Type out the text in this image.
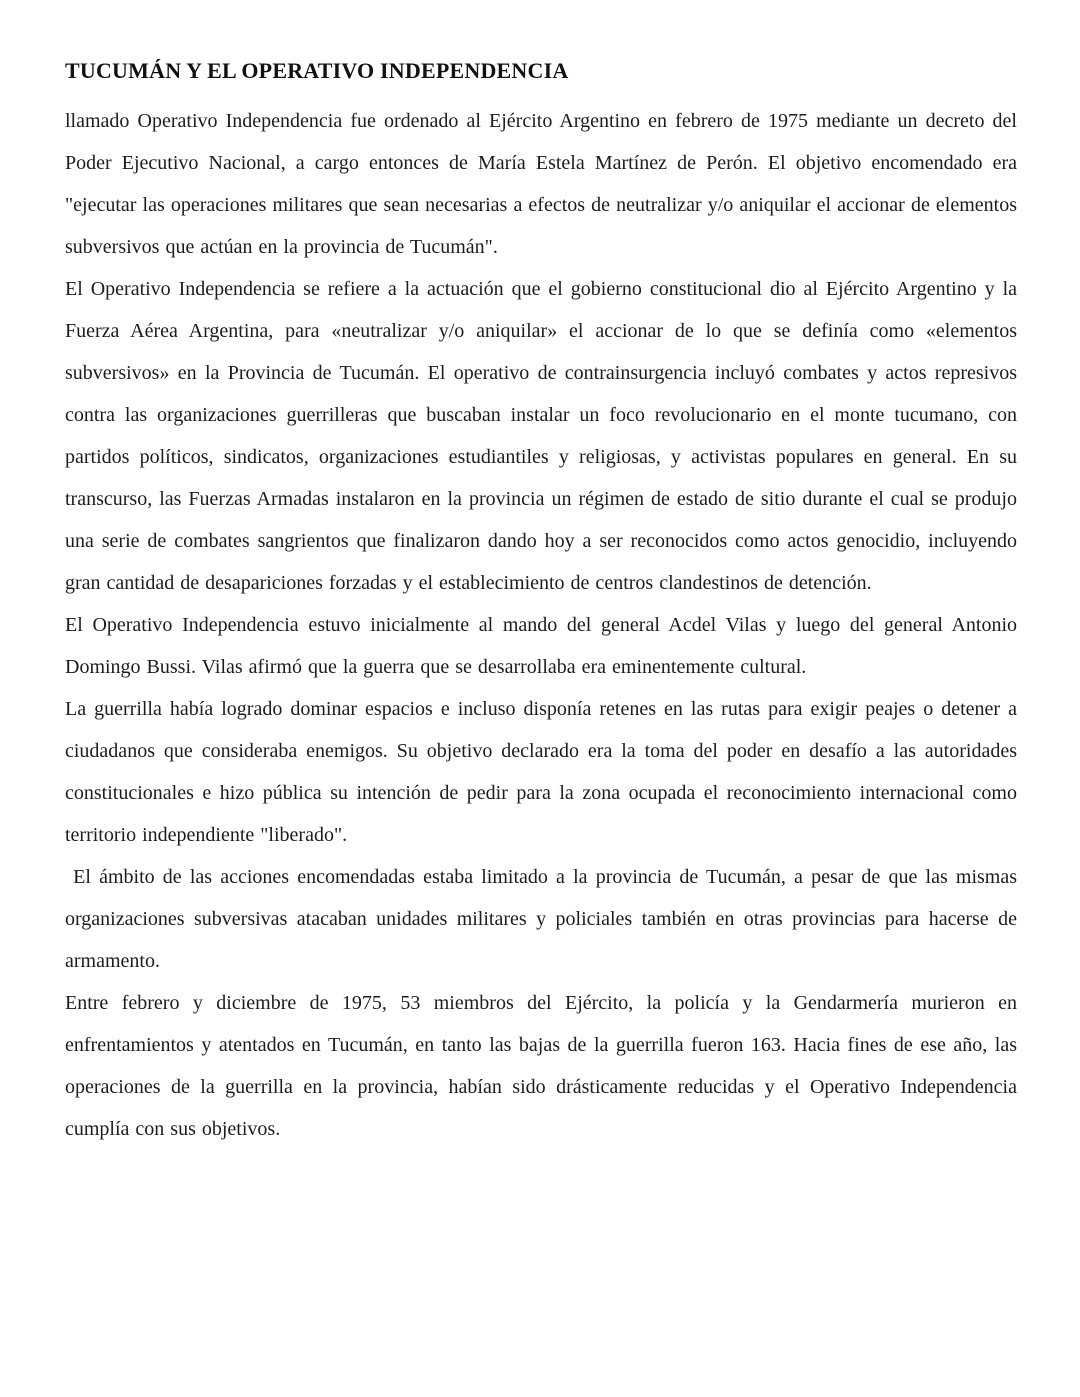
TUCUMÁN Y EL OPERATIVO INDEPENDENCIA

llamado Operativo Independencia fue ordenado al Ejército Argentino en febrero de 1975 mediante un decreto del Poder Ejecutivo Nacional, a cargo entonces de María Estela Martínez de Perón. El objetivo encomendado era "ejecutar las operaciones militares que sean necesarias a efectos de neutralizar y/o aniquilar el accionar de elementos subversivos que actúan en la provincia de Tucumán".

El Operativo Independencia se refiere a la actuación que el gobierno constitucional dio al Ejército Argentino y la Fuerza Aérea Argentina, para «neutralizar y/o aniquilar» el accionar de lo que se definía como «elementos subversivos» en la Provincia de Tucumán. El operativo de contrainsurgencia incluyó combates y actos represivos contra las organizaciones guerrilleras que buscaban instalar un foco revolucionario en el monte tucumano, con partidos políticos, sindicatos, organizaciones estudiantiles y religiosas, y activistas populares en general. En su transcurso, las Fuerzas Armadas instalaron en la provincia un régimen de estado de sitio durante el cual se produjo una serie de combates sangrientos que finalizaron dando hoy a ser reconocidos como actos genocidio, incluyendo gran cantidad de desapariciones forzadas y el establecimiento de centros clandestinos de detención.

El Operativo Independencia estuvo inicialmente al mando del general Acdel Vilas y luego del general Antonio Domingo Bussi. Vilas afirmó que la guerra que se desarrollaba era eminentemente cultural.

La guerrilla había logrado dominar espacios e incluso disponía retenes en las rutas para exigir peajes o detener a ciudadanos que consideraba enemigos. Su objetivo declarado era la toma del poder en desafío a las autoridades constitucionales e hizo pública su intención de pedir para la zona ocupada el reconocimiento internacional como territorio independiente "liberado".

El ámbito de las acciones encomendadas estaba limitado a la provincia de Tucumán, a pesar de que las mismas organizaciones subversivas atacaban unidades militares y policiales también en otras provincias para hacerse de armamento.

Entre febrero y diciembre de 1975, 53 miembros del Ejército, la policía y la Gendarmería murieron en enfrentamientos y atentados en Tucumán, en tanto las bajas de la guerrilla fueron 163. Hacia fines de ese año, las operaciones de la guerrilla en la provincia, habían sido drásticamente reducidas y el Operativo Independencia cumplía con sus objetivos.
